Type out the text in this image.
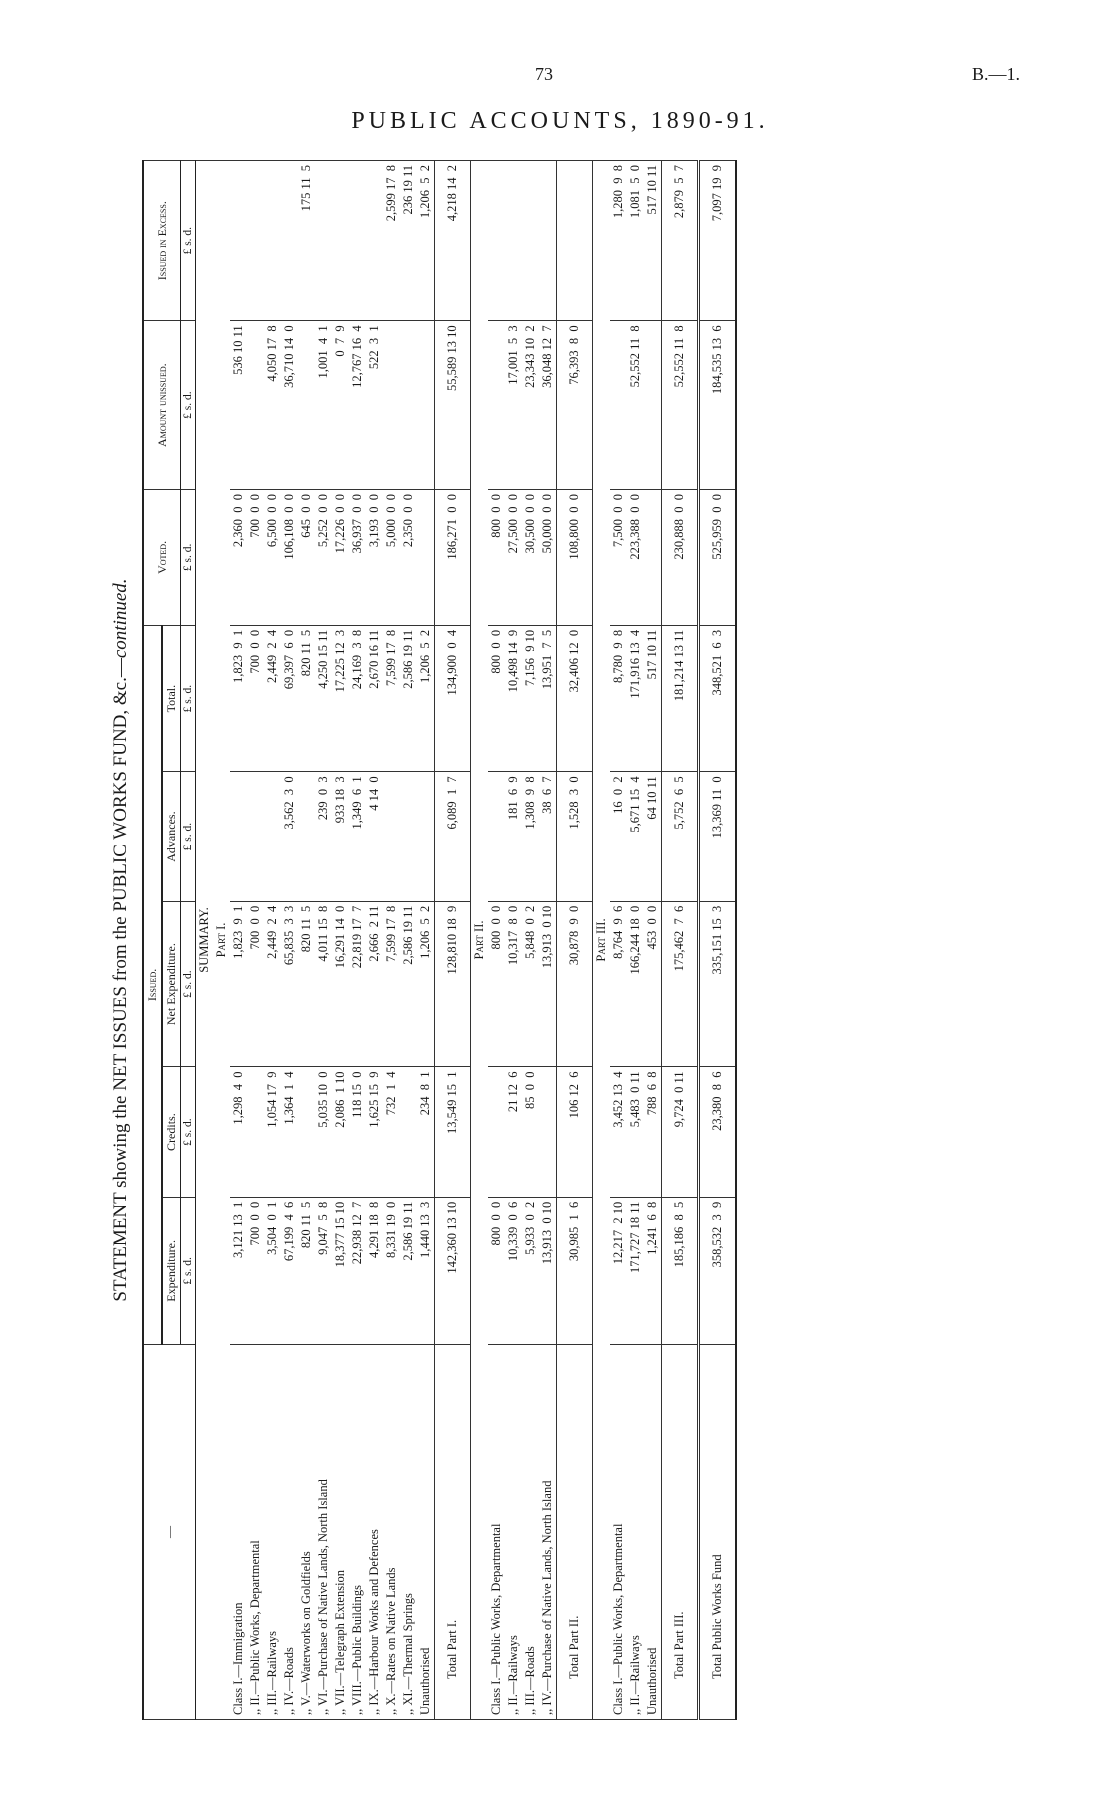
73	B.—1.
PUBLIC ACCOUNTS, 1890-91.
STATEMENT showing the NET ISSUES from the PUBLIC WORKS FUND, &c.—continued.
—	Issued.					Voted.	Amount unissued.	Issued in Excess.
	Expenditure.	Credits.	Net Expenditure.	Advances.	Total.			
	£ s. d.	£ s. d.	£ s. d.	£ s. d.	£ s. d.	£ s. d.	£ s. d.	£ s. d.
SUMMARY.								
Part I.								
Class I.—Immigration	3,121 13  1	1,298  4  0	1,823  9  1		1,823  9  1	2,360  0  0	536 10 11	
,, II.—Public Works, Departmental	700  0  0		700  0  0		700  0  0	700  0  0		
,, III.—Railways	3,504  0  1	1,054 17  9	2,449  2  4		2,449  2  4	6,500  0  0	4,050 17  8	
,, IV.—Roads	67,199  4  6	1,364  1  4	65,835  3  3	3,562  3  0	69,397  6  0	106,108  0  0	36,710 14  0	
,, V.—Waterworks on Goldfields	820 11  5		820 11  5		820 11  5	645  0  0		175 11  5
,, VI.—Purchase of Native Lands, North Island	9,047  5  8	5,035 10  0	4,011 15  8	239  0  3	4,250 15 11	5,252  0  0	1,001  4  1	
,, VII.—Telegraph Extension	18,377 15 10	2,086  1 10	16,291 14  0	933 18  3	17,225 12  3	17,226  0  0	0  7  9	
,, VIII.—Public Buildings	22,938 12  7	118 15  0	22,819 17  7	1,349  6  1	24,169  3  8	36,937  0  0	12,767 16  4	
,, IX.—Harbour Works and Defences	4,291 18  8	1,625 15  9	2,666  2 11	4 14  0	2,670 16 11	3,193  0  0	522  3  1	
,, X.—Rates on Native Lands	8,331 19  0	732  1  4	7,599 17  8		7,599 17  8	5,000  0  0		2,599 17  8
,, XI.—Thermal Springs	2,586 19 11		2,586 19 11		2,586 19 11	2,350  0  0		236 19 11
Unauthorised	1,440 13  3	234  8  1	1,206  5  2		1,206  5  2			1,206  5  2
Total Part I.	142,360 13 10	13,549 15  1	128,810 18  9	6,089  1  7	134,900  0  4	186,271  0  0	55,589 13 10	4,218 14  2
Part II.								
Class I.—Public Works, Departmental	800  0  0		800  0  0		800  0  0	800  0  0		
,, II.—Railways	10,339  0  6	21 12  6	10,317  8  0	181  6  9	10,498 14  9	27,500  0  0	17,001  5  3	
,, III.—Roads	5,933  0  2	85  0  0	5,848  0  2	1,308  9  8	7,156  9 10	30,500  0  0	23,343 10  2	
,, IV.—Purchase of Native Lands, North Island	13,913  0 10		13,913  0 10	38  6  7	13,951  7  5	50,000  0  0	36,048 12  7	
Total Part II.	30,985  1  6	106 12  6	30,878  9  0	1,528  3  0	32,406 12  0	108,800  0  0	76,393  8  0	
Part III.								
Class I.—Public Works, Departmental	12,217  2 10	3,452 13  4	8,764  9  6	16  0  2	8,780  9  8	7,500  0  0		1,280  9  8
,, II.—Railways	171,727 18 11	5,483  0 11	166,244 18  0	5,671 15  4	171,916 13  4	223,388  0  0	52,552 11  8	1,081  5  0
Unauthorised	1,241  6  8	788  6  8	453  0  0	64 10 11	517 10 11			517 10 11
Total Part III.	185,186  8  5	9,724  0 11	175,462  7  6	5,752  6  5	181,214 13 11	230,888  0  0	52,552 11  8	2,879  5  7
Total Public Works Fund	358,532  3  9	23,380  8  6	335,151 15  3	13,369 11  0	348,521  6  3	525,959  0  0	184,535 13  6	7,097 19  9
